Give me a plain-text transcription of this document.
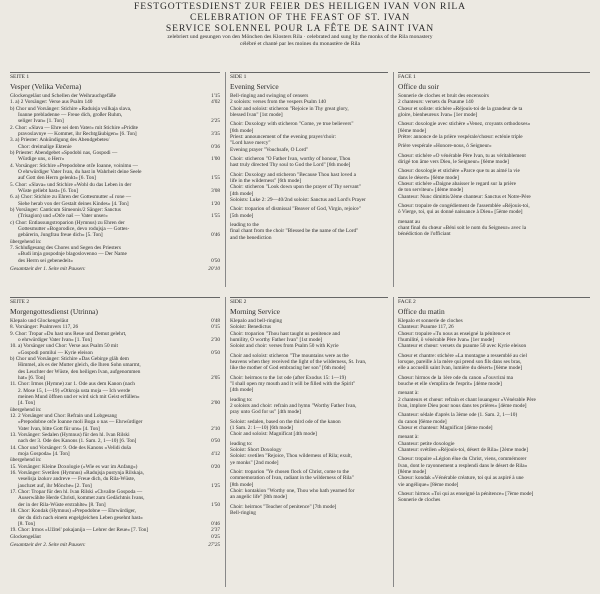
FESTGOTTESDIENST ZUR FEIER DES HEILIGEN IVAN VON RILA
CELEBRATION OF THE FEAST OF ST. IVAN
SERVICE SOLENNEL POUR LA FÊTE DE SAINT IVAN
zelebriert und gesungen von den Mönchen des Klosters Rila · celebrated and sung by the monks of the Rila monastery
célébré et chanté par les moines du monastère de Rila
SEITE 1
Vesper (Velika Večerna)
Glockengeläut und Schellen der Weihrauchgefäße	1'15
1. a) 2 Vorsänger: Verse aus Psalm 140	4'02
b) Chor und Vorsänger: Stichire »Raduisja vsilkaja slava,
Ioanne prebladenne — Freue dich, großer Ruhm,
seliger Ivan« [1. Ton]	2'25
2. Chor: »Slava — Ehre sei dem Vater« mit Stichire »Pridite
pravoslavnye — Kommet, ihr Rechtgläubigen« [6. Ton]	3'35
3. a) Priester: Ankündigung des Abendgebetes/
Chor: dreimalige Ektenie	0'36
b) Priester: Abendgebet »Spodobi nas, Gospodi —
Würdige uns, o Herr«	1'00
4. Vorsänger: Stichire »Prepodobne otče Ioanne, voinimu —
O ehrwürdiger Vater Ivan, du hast in Wahrheit deine Seele
auf Gott den Herrn gelenkt« [6. Ton]	1'55
5. Chor: »Slava« und Stichire »Wohl du das Leben in der
Wüste geliebt hast« [6. Ton]	3'08
6. a) Chor: Stichire zu Ehren der Gottesmutter »I rone —
Siehe herab von der Gestalt deines Kindes« [4. Ton]	1'20
b) Vorsänger: Canticum Simeonis/2 Sänger: Sanctus
(Trisagion) und »Otče naš — Vater unser«	1'55
c) Chor: Entlassungstroparion (Hymnus) zu Ehren der
Gottesmutter »Bogorodice, devo rodujsja — Gottes-
gebärerin, Jungfrau freue dich« [5. Ton]	0'46
übergehend in:
7. Schlußgesang des Chores und Segen des Priesters
»Budi imja gospodnje blagoslovenno — Der Name
des Herrn sei gebenedeit«	0'50
Gesamtzeit der 1. Seite mit Pausen:	20'10
SIDE 1
Evening Service
Bell-ringing and swinging of censers
2 soloists: verses from the vespers Psalm 140
Choir and soloist: sticheron "Rejoice in Thy great glory,
blessed Ivan" [1st mode]
Choir: Doxology with sticheron "Come, ye true believers"
[6th mode]
Priest: announcement of the evening prayer/choir:
"Lord have mercy"
Evening prayer "Vouchsafe, O Lord"
Choir: sticheron "O Father Ivan, worthy of honour, Thou
hast truly directed Thy soul to God the Lord" [6th mode]
Choir: Doxology and sticheron "Because Thou hast loved a
life in the wilderness" [6th mode]
Choir: sticheron "Look down upon the prayer of Thy servant"
[4th mode]
Soloists: Luke 2: 29—40/2nd soloist: Sanctus and Lord's Prayer
Choir: troparion of dismissal "Beaver of God, Virgin, rejoice"
[5th mode]
leading to the
final chant from the choir "Blessed be the name of the Lord"
and the benediction
FACE 1
Office du soir
Sonnerie de cloches et bruit des encensoirs
2 chanteurs: versets du Psaume 140
Chœur et soliste: stichère «Réjouis-toi de la grandeur de ta
gloire, bienheureux Ivan» [1er mode]
Chœur: doxologie avec stichère «Venez, croyants orthodoxes»
[6ème mode]
Prêtre: annonce de la prière vespérale/chœur: ecténie triple
Prière vespérale «Honore-nous, ô Seigneur»
Chœur: stichère «O vénérable Père Ivan, tu as véritablement
dirigé ton âme vers Dieu, le Seigneur» [6ème mode]
Chœur: doxologie et stichère «Parce que tu as aimé la vie
dans le désert» [6ème mode]
Chœur: stichère «Daigne abaisser le regard sur la prière
de ton serviteur» [4ème mode]
Chanteur: Nunc dimittis/2ème chanteur: Sanctus et Notre-Père
Chœur: tropaire de congédiement de l'assemblée «Réjouis-toi,
ô Vierge, toi, qui as donné naissance à Dieu» [5ème mode]
menant au
chant final du chœur «Béni soit le nom du Seigneur» avec la
bénédiction de l'officiant
SEITE 2
Morgengottesdienst (Utrinna)
Klepalo und Glockengeläut	0'48
8. Vorsänger: Psalmvers 117, 26	0'15
9. Chor: Tropar »Du hast uns Reue und Demut gelehrt,
o ehrwürdiger Vater Ivan« [1. Ton]	2'30
10. a) Vorsänger und Chor: Verse aus Psalm 50 mit
»Gospodi pomilui — Kyrie eleison	0'50
b) Chor und Vorsänger: Stichire »Das Gebirge gläh dem
Himmel, als es der Mutter gleich, die Ihren Sohn umarmt,
des Leuchter der Wüste, den heiligen Ivan, aufgenommen
hat« [6. Ton]	2'05
11. Chor: Irmos (Hymne) zur 1. Ode aus dem Kanon (nach
2. Mose 15, 1—19) »Otkroja usta moja — Ich werde
meinen Mund öffnen und er wird sich mit Geist erfüllen«
[4. Ton]	2'00
übergehend in:
12. 2 Vorsänger und Chor: Refrain und Lobgesang
»Prepodobne otče Ioanne moli Boga o nas — Ehrwürdiger
Vater Ivan, bitte Gott für uns« [4. Ton]	2'10
13. Vorsänger: Sedalen (Hymnus) für den hl. Ivan Rilski
nach der 3. Ode des Kanons (1. Sam. 2, 1—10) [6. Ton]	0'50
14. Chor und Vorsänger: 9. Ode des Kanons »Velidi duša
moja Gospoda« [4. Ton]	4'12
übergehend in:
15. Vorsänger: Kleine Doxologie (»Wie es war im Anfang«)	0'20
16. Vorsänger: Svetilen (Hymnus) »Radujsja pustynja Rilskaja,
veselisja izokov andreve — Freue dich, du Rila-Wüste,
jauchzet auf, ihr Mönche« [2. Ton]	1'25
17. Chor: Tropar für den hl. Ivan Rilski »Chvalite Gospoda —
Auserwählte Herde Christi, kommet zum Gedächtnis Ivans,
der in der Rila-Wüste erstrahlte« [8. Ton]	1'50
18. Chor: Kondak (Hymnus) »Prepodobne — Ehrwürdiger,
der du dich nach einem engelgleichen Leben gesehnt hast«
[8. Ton]	0'46
19. Chor: Irmos »Užitel' pokajanija — Lehrer der Reue« [7. Ton]	2'37
Glockengeläut	0'25
Gesamtzeit der 2. Seite mit Pausen:	27'25
SIDE 2
Morning Service
Klepalo and bell-ringing
Soloist: Benedictus
Choir: troparion "Thou hast taught us penitence and
humility, O worthy Father Ivan" [1st mode]
Soloist and choir: verses from Psalm 50 with Kyrie
Choir and soloist: sticheron "The mountains were as the
heavens when they received the light of the wilderness, St. Ivan,
like the mother of God embracing her son" [6th mode]
Choir: heirmos to the 1st ode (after Exodus 15: 1—19)
"I shall open my mouth and it will be filled with the Spirit"
[4th mode]
leading to:
2 soloists and choir: refrain and hymn "Worthy Father Ivan,
pray unto God for us" [4th mode]
Soloist: sedalen, based on the third ode of the kanon
(1 Sam. 2: 1—10) [6th mode]
Choir and soloist: Magnificat [4th mode]
leading to:
Soloist: Short Doxology
Soloist: svetilen "Rejoice, Thou wilderness of Rila; exult,
ye monks" [2nd mode]
Choir: troparion "Ye chosen flock of Christ, come to the
commemoration of Ivan, radiant in the wilderness of Rila"
[8th mode]
Choir: kontakion "Worthy one, Thou who hath yearned for
an angelic life" [8th mode]
Choir: heirmos "Teacher of penitence" [7th mode]
Bell-ringing
FACE 2
Office du matin
Klepalo et sonnerie de cloches
Chanteur: Psaume 117, 26
Chœur: tropaire «Tu nous as enseigné la pénitence et
l'humilité, ô vénérable Père Ivan» [1er mode]
Chanteur et chœur: versets du psaume 50 avec Kyrie eleison
Chœur et chantre: stichère «La montagne a ressemblé au ciel
lorsque, pareille à la mère qui prend son fils dans ses bras,
elle a accueilli saint Ivan, lumière du désert» [6ème mode]
Chœur: hirmos de la 1ère ode du canon «J'ouvrirai ma
bouche et elle s'emplira de l'esprit» [4ème mode]
menant à:
2 chanteurs et chœur: refrain et chant louangeur «Vénérable Père
Ivan, implore Dieu pour nous dans tes prières» [4ème mode]
Chanteur: sédale d'après la 3ème ode (1. Sam. 2, 1—10)
du canon [6ème mode]
Chœur et chanteur: Magnificat [4ème mode]
menant à:
Chanteur: petite doxologie
Chanteur: svétilen «Réjouis-toi, désert de Rila» [2ème mode]
Chœur: tropaire «Légion élue du Christ, viens, commémorer
Ivan, dont le rayonnement a resplendi dans le désert de Rila»
[8ème mode]
Chœur: kondak «Vénérable créature, toi qui as aspiré à une
vie angélique» [8ème mode]
Chœur: hirmos «Toi qui as enseigné la pénitence» [7ème mode]
Sonnerie de cloches
